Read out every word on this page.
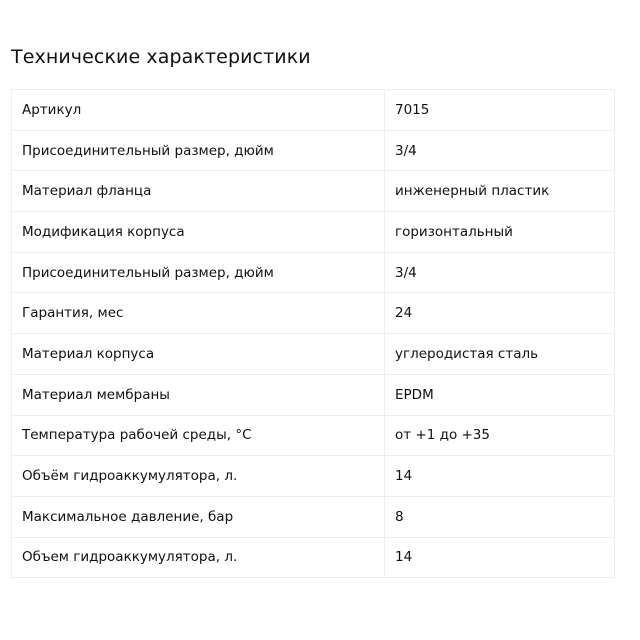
Технические характеристики
Артикул	7015
Присоединительный размер, дюйм	3/4
Материал фланца	инженерный пластик
Модификация корпуса	горизонтальный
Присоединительный размер, дюйм	3/4
Гарантия, мес	24
Материал корпуса	углеродистая сталь
Материал мембраны	EPDM
Температура рабочей среды, °C	от +1 до +35
Объём гидроаккумулятора, л.	14
Максимальное давление, бар	8
Объем гидроаккумулятора, л.	14
